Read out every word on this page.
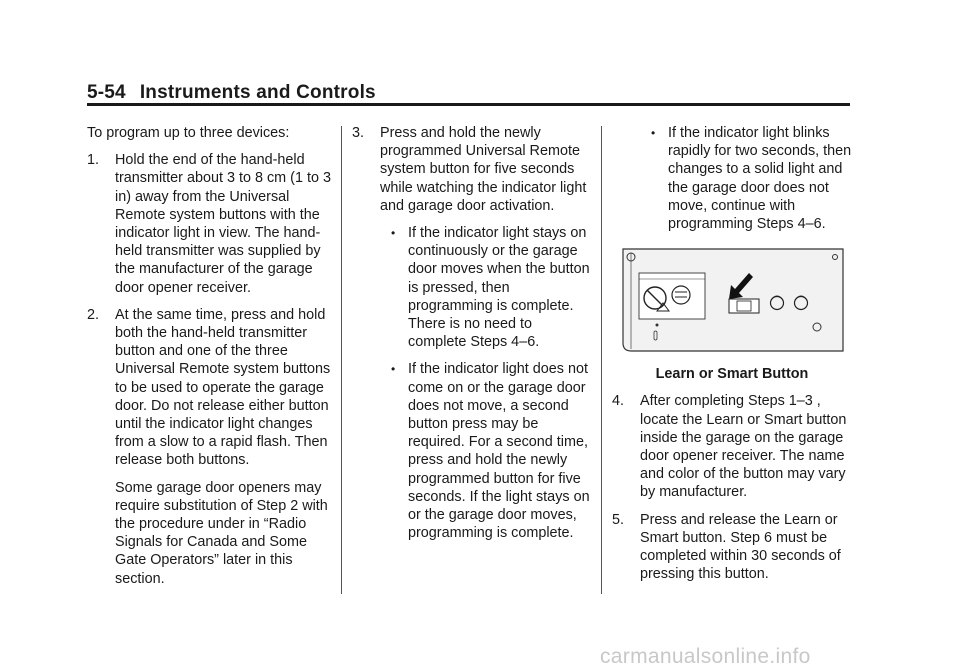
5-54 Instruments and Controls

To program up to three devices:

1. Hold the end of the hand-held transmitter about 3 to 8 cm (1 to 3 in) away from the Universal Remote system buttons with the indicator light in view. The hand-held transmitter was supplied by the manufacturer of the garage door opener receiver.
2. At the same time, press and hold both the hand-held transmitter button and one of the three Universal Remote system buttons to be used to operate the garage door. Do not release either button until the indicator light changes from a slow to a rapid flash. Then release both buttons.

Some garage door openers may require substitution of Step 2 with the procedure under in “Radio Signals for Canada and Some Gate Operators” later in this section.

3. Press and hold the newly programmed Universal Remote system button for five seconds while watching the indicator light and garage door activation.
• If the indicator light stays on continuously or the garage door moves when the button is pressed, then programming is complete. There is no need to complete Steps 4–6.
• If the indicator light does not come on or the garage door does not move, a second button press may be required. For a second time, press and hold the newly programmed button for five seconds. If the light stays on or the garage door moves, programming is complete.
• If the indicator light blinks rapidly for two seconds, then changes to a solid light and the garage door does not move, continue with programming Steps 4–6.
Learn or Smart Button
4. After completing Steps 1–3 , locate the Learn or Smart button inside the garage on the garage door opener receiver. The name and color of the button may vary by manufacturer.
5. Press and release the Learn or Smart button. Step 6 must be completed within 30 seconds of pressing this button.
carmanualsonline.info
